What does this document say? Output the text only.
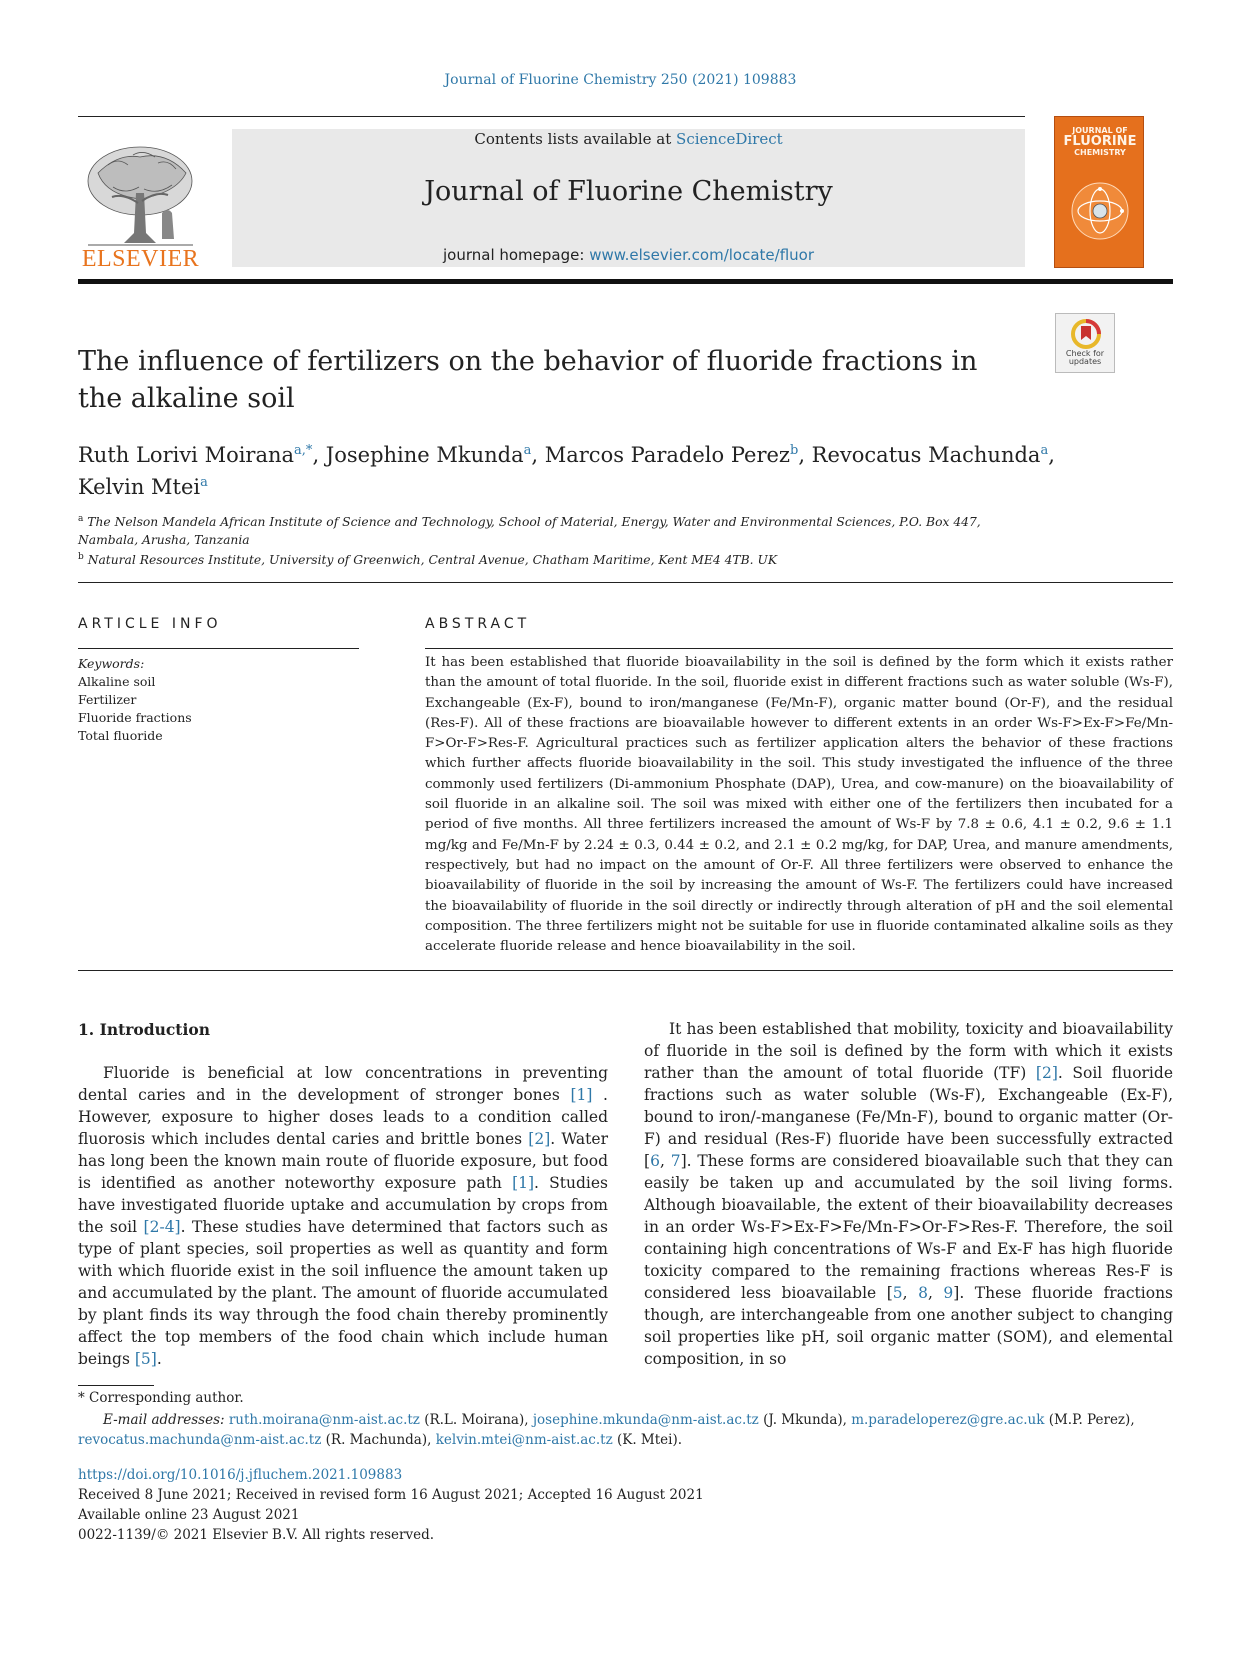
Journal of Fluorine Chemistry 250 (2021) 109883
ELSEVIER
Contents lists available at ScienceDirect
Journal of Fluorine Chemistry
journal homepage: www.elsevier.com/locate/fluor
JOURNAL OF
FLUORINE
CHEMISTRY
Check for updates
The influence of fertilizers on the behavior of fluoride fractions in the alkaline soil
Ruth Lorivi Moirana$^{a,*}$, Josephine Mkunda$^a$, Marcos Paradelo Perez$^b$, Revocatus Machunda$^a$,
Kelvin Mtei$^a$
$^a$ The Nelson Mandela African Institute of Science and Technology, School of Material, Energy, Water and Environmental Sciences, P.O. Box 447, Nambala, Arusha, Tanzania
$^b$ Natural Resources Institute, University of Greenwich, Central Avenue, Chatham Maritime, Kent ME4 4TB. UK
ARTICLE INFO	ABSTRACT
Keywords:
Alkaline soil
Fertilizer
Fluoride fractions
Total fluoride

It has been established that fluoride bioavailability in the soil is defined by the form which it exists rather than the amount of total fluoride. In the soil, fluoride exist in different fractions such as water soluble (Ws-F), Exchangeable (Ex-F), bound to iron/manganese (Fe/Mn-F), organic matter bound (Or-F), and the residual (Res-F). All of these fractions are bioavailable however to different extents in an order Ws-F>Ex-F>Fe/Mn-F>Or-F>Res-F. Agricultural practices such as fertilizer application alters the behavior of these fractions which further affects fluoride bioavailability in the soil. This study investigated the influence of the three commonly used fertilizers (Di-ammonium Phosphate (DAP), Urea, and cow-manure) on the bioavailability of soil fluoride in an alkaline soil. The soil was mixed with either one of the fertilizers then incubated for a period of five months. All three fertilizers increased the amount of Ws-F by 7.8 ± 0.6, 4.1 ± 0.2, 9.6 ± 1.1 mg/kg and Fe/Mn-F by 2.24 ± 0.3, 0.44 ± 0.2, and 2.1 ± 0.2 mg/kg, for DAP, Urea, and manure amendments, respectively, but had no impact on the amount of Or-F. All three fertilizers were observed to enhance the bioavailability of fluoride in the soil by increasing the amount of Ws-F. The fertilizers could have increased the bioavailability of fluoride in the soil directly or indirectly through alteration of pH and the soil elemental composition. The three fertilizers might not be suitable for use in fluoride contaminated alkaline soils as they accelerate fluoride release and hence bioavailability in the soil.

1. Introduction

Fluoride is beneficial at low concentrations in preventing dental caries and in the development of stronger bones [1] . However, exposure to higher doses leads to a condition called fluorosis which includes dental caries and brittle bones [2]. Water has long been the known main route of fluoride exposure, but food is identified as another noteworthy exposure path [1]. Studies have investigated fluoride uptake and accumulation by crops from the soil [2-4]. These studies have determined that factors such as type of plant species, soil properties as well as quantity and form with which fluoride exist in the soil influence the amount taken up and accumulated by the plant. The amount of fluoride accumulated by plant finds its way through the food chain thereby prominently affect the top members of the food chain which include human beings [5].

It has been established that mobility, toxicity and bioavailability of fluoride in the soil is defined by the form with which it exists rather than the amount of total fluoride (TF) [2]. Soil fluoride fractions such as water soluble (Ws-F), Exchangeable (Ex-F), bound to iron/-manganese (Fe/Mn-F), bound to organic matter (Or-F) and residual (Res-F) fluoride have been successfully extracted [6, 7]. These forms are considered bioavailable such that they can easily be taken up and accumulated by the soil living forms. Although bioavailable, the extent of their bioavailability decreases in an order Ws-F>Ex-F>Fe/Mn-F>Or-F>Res-F. Therefore, the soil containing high concentrations of Ws-F and Ex-F has high fluoride toxicity compared to the remaining fractions whereas Res-F is considered less bioavailable [5, 8, 9]. These fluoride fractions though, are interchangeable from one another subject to changing soil properties like pH, soil organic matter (SOM), and elemental composition, in so

* Corresponding author.
E-mail addresses: ruth.moirana@nm-aist.ac.tz (R.L. Moirana), josephine.mkunda@nm-aist.ac.tz (J. Mkunda), m.paradeloperez@gre.ac.uk (M.P. Perez), revocatus.machunda@nm-aist.ac.tz (R. Machunda), kelvin.mtei@nm-aist.ac.tz (K. Mtei).
https://doi.org/10.1016/j.jfluchem.2021.109883
Received 8 June 2021; Received in revised form 16 August 2021; Accepted 16 August 2021
Available online 23 August 2021
0022-1139/© 2021 Elsevier B.V. All rights reserved.
